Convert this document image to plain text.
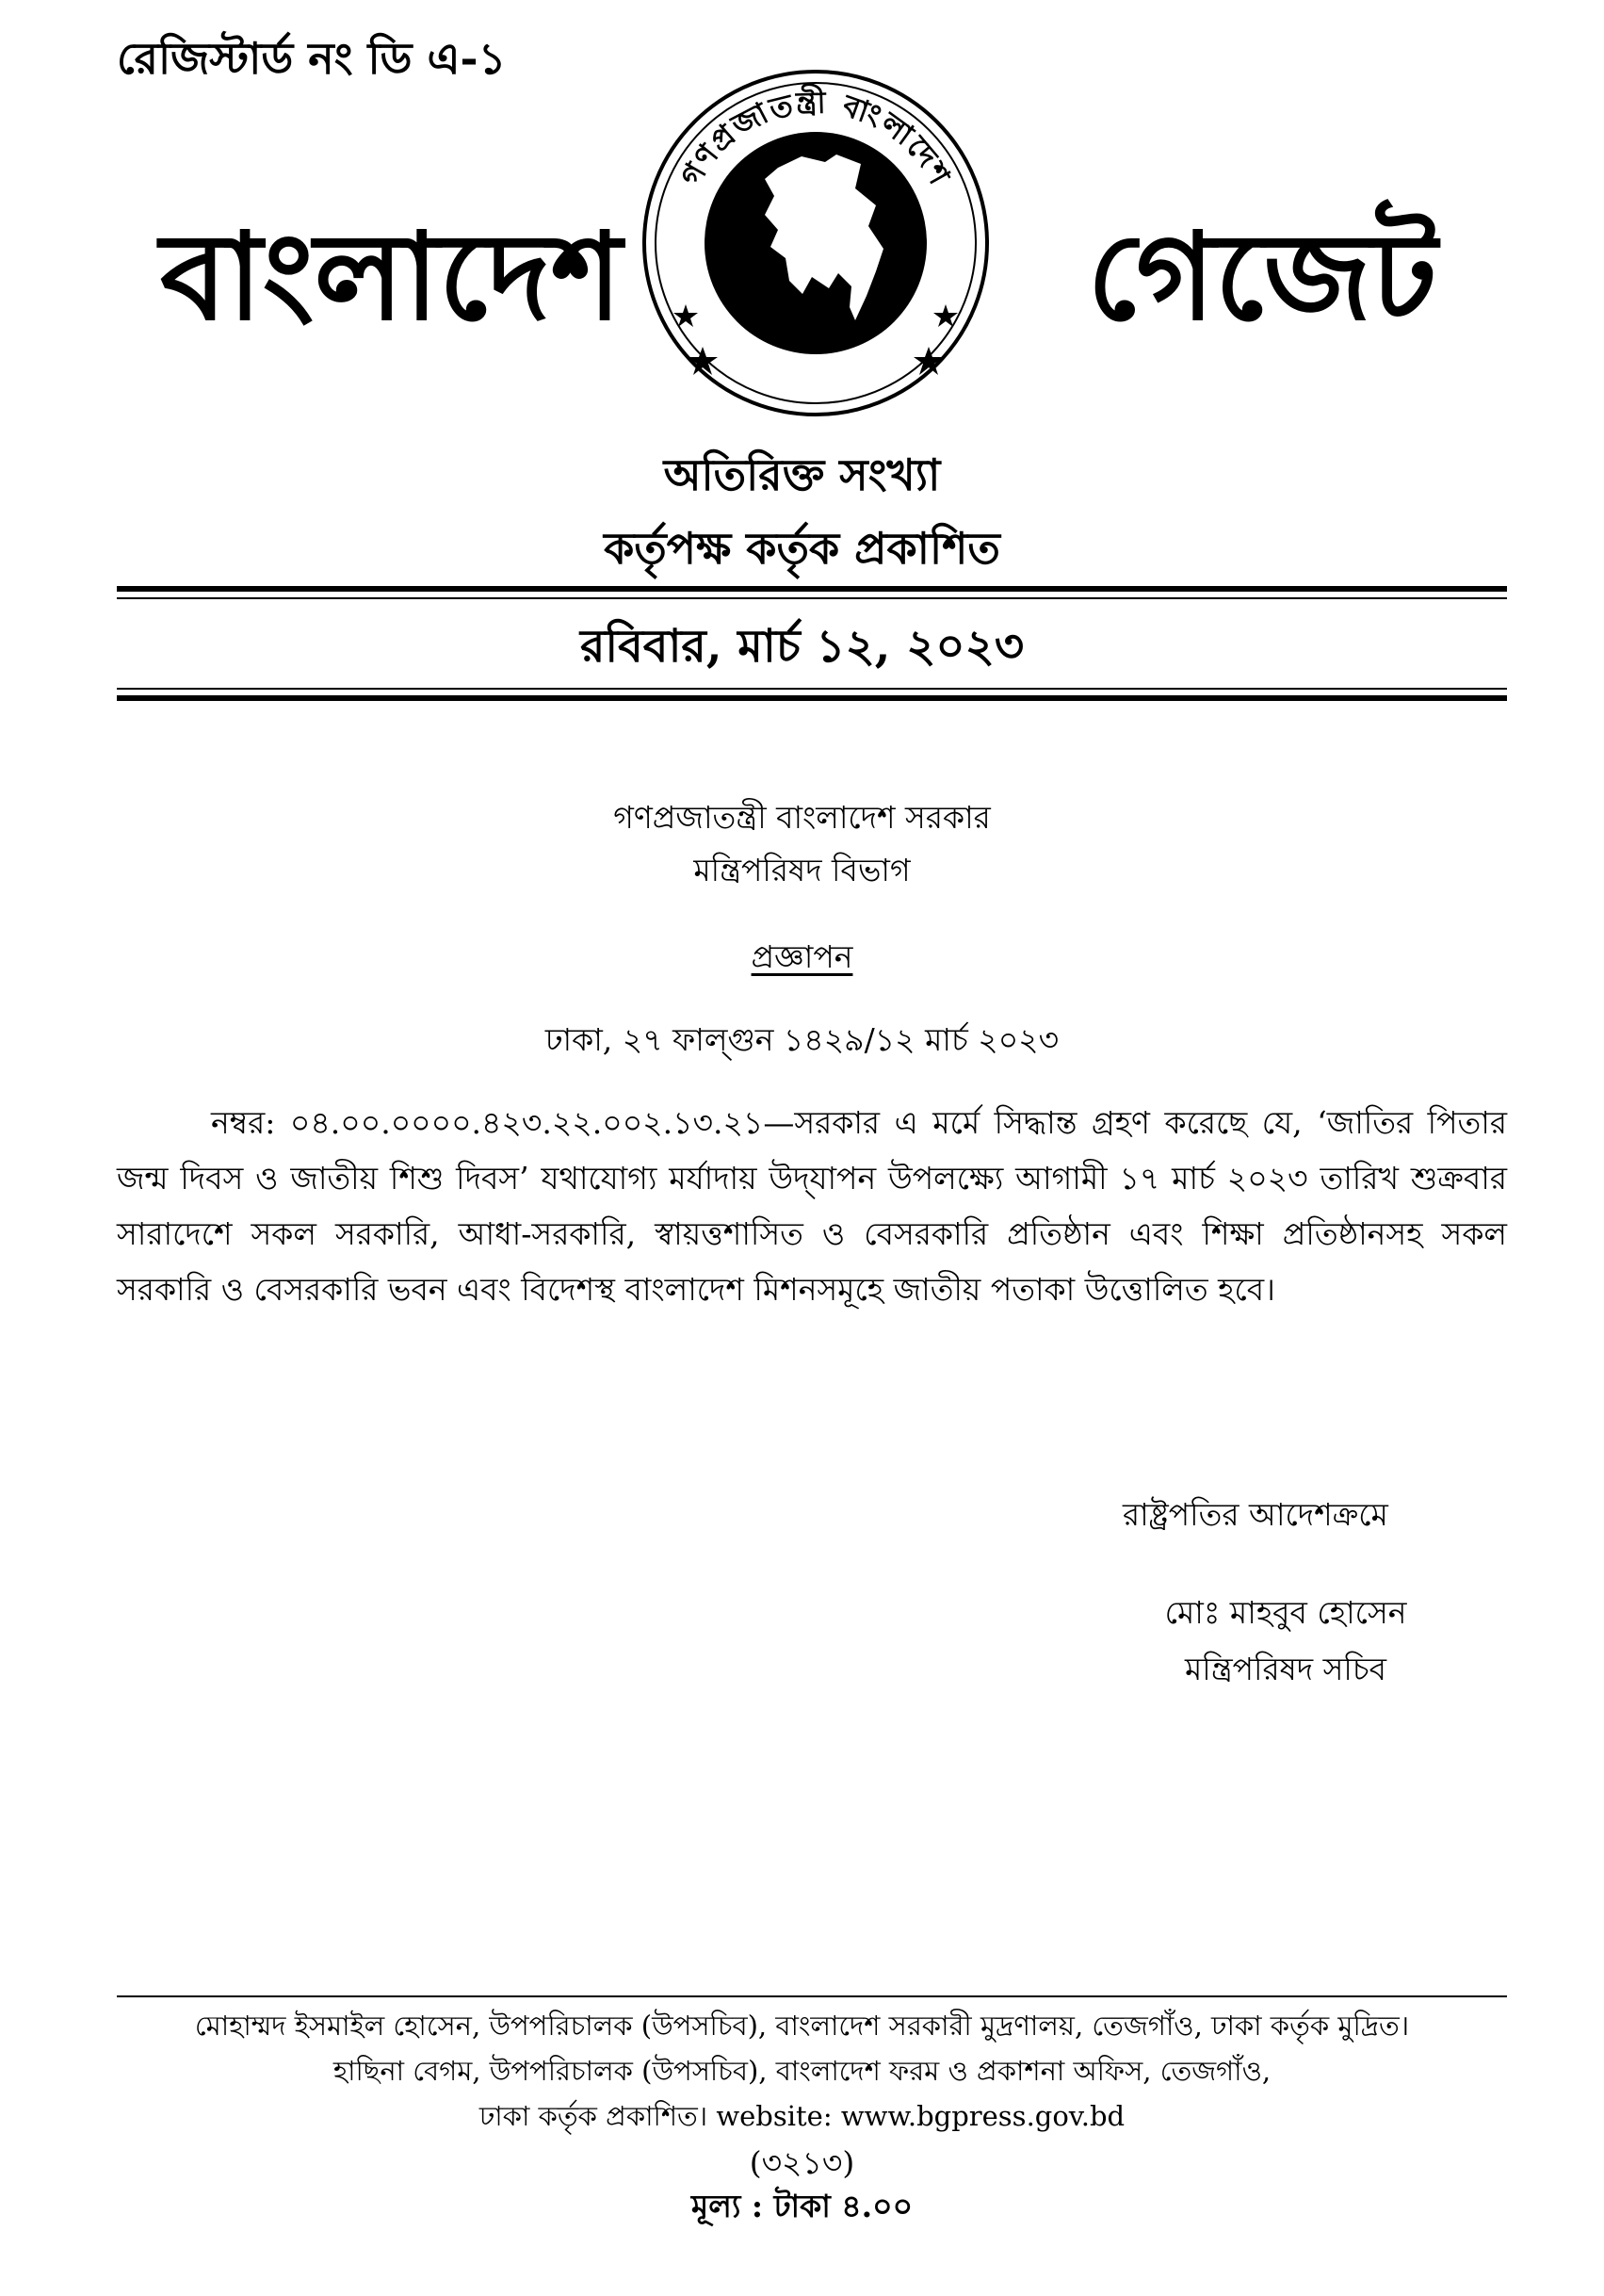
রেজিস্টার্ড নং ডি এ-১
বাংলাদেশ
গণপ্রজাতন্ত্রী বাংলাদেশ
সরকার গেজেট
অতিরিক্ত সংখ্যা
কর্তৃপক্ষ কর্তৃক প্রকাশিত
রবিবার, মার্চ ১২, ২০২৩
গণপ্রজাতন্ত্রী বাংলাদেশ সরকার
মন্ত্রিপরিষদ বিভাগ
প্রজ্ঞাপন
ঢাকা, ২৭ ফাল্গুন ১৪২৯/১২ মার্চ ২০২৩
নম্বর: ০৪.০০.০০০০.৪২৩.২২.০০২.১৩.২১—সরকার এ মর্মে সিদ্ধান্ত গ্রহণ করেছে যে, ‘জাতির পিতার জন্ম দিবস ও জাতীয় শিশু দিবস’ যথাযোগ্য মর্যাদায় উদ্‌যাপন উপলক্ষ্যে আগামী ১৭ মার্চ ২০২৩ তারিখ শুক্রবার সারাদেশে সকল সরকারি, আধা-সরকারি, স্বায়ত্তশাসিত ও বেসরকারি প্রতিষ্ঠান এবং শিক্ষা প্রতিষ্ঠানসহ সকল সরকারি ও বেসরকারি ভবন এবং বিদেশস্থ বাংলাদেশ মিশনসমূহে জাতীয় পতাকা উত্তোলিত হবে।
রাষ্ট্রপতির আদেশক্রমে
মোঃ মাহবুব হোসেন
মন্ত্রিপরিষদ সচিব
মোহাম্মদ ইসমাইল হোসেন, উপপরিচালক (উপসচিব), বাংলাদেশ সরকারী মুদ্রণালয়, তেজগাঁও, ঢাকা কর্তৃক মুদ্রিত।
হাছিনা বেগম, উপপরিচালক (উপসচিব), বাংলাদেশ ফরম ও প্রকাশনা অফিস, তেজগাঁও,
ঢাকা কর্তৃক প্রকাশিত। website: www.bgpress.gov.bd
(৩২১৩)
মূল্য : টাকা ৪.০০
